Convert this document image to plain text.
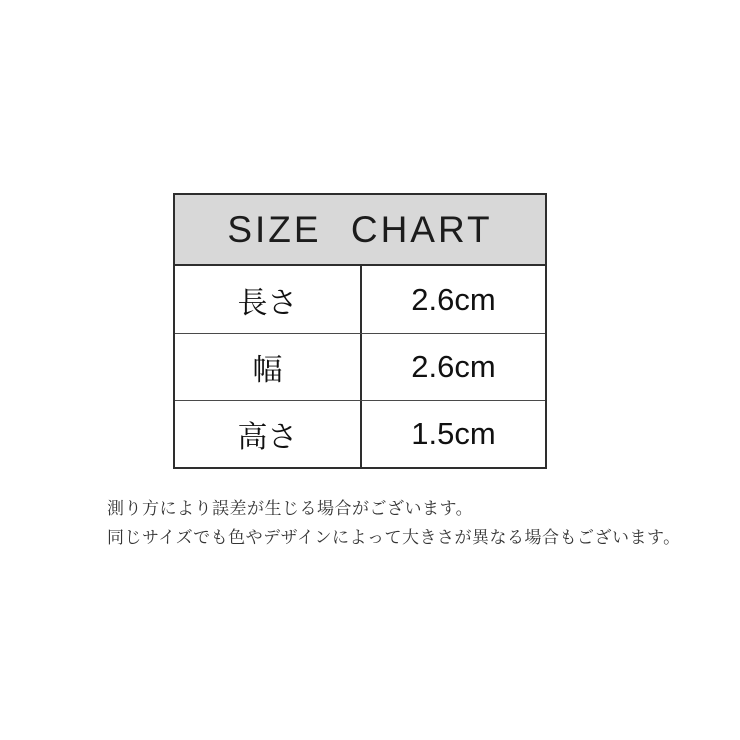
SIZE CHART
長さ	2.6cm
幅	2.6cm
高さ	1.5cm
測り方により誤差が生じる場合がございます。
同じサイズでも色やデザインによって大きさが異なる場合もございます。
